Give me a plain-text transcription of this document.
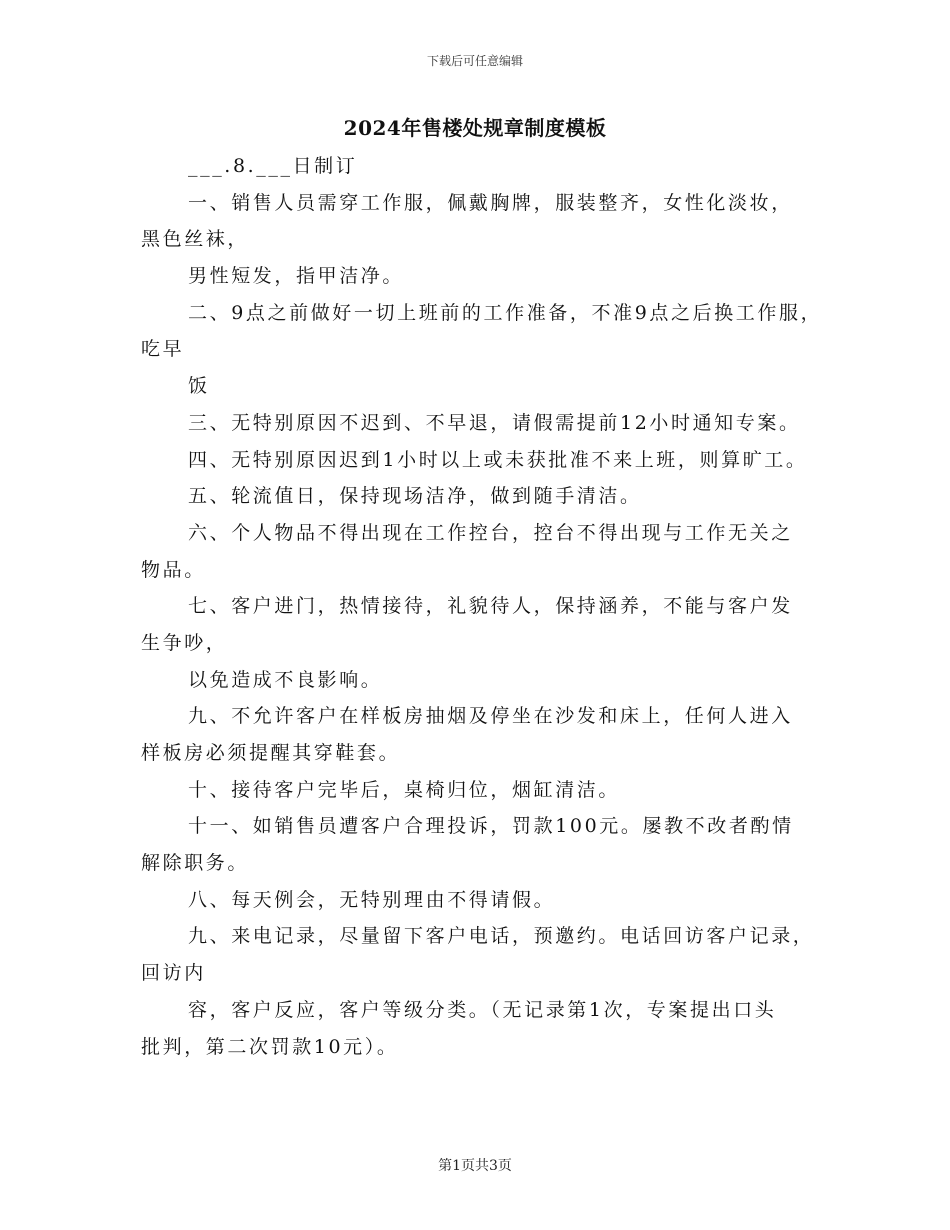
下载后可任意编辑
2024年售楼处规章制度模板
___.8.___日制订
一、销售人员需穿工作服，佩戴胸牌，服装整齐，女性化淡妆，
黑色丝袜，
男性短发，指甲洁净。
二、9点之前做好一切上班前的工作准备，不准9点之后换工作服，
吃早
饭
三、无特别原因不迟到、不早退，请假需提前12小时通知专案。
四、无特别原因迟到1小时以上或未获批准不来上班，则算旷工。
五、轮流值日，保持现场洁净，做到随手清洁。
六、个人物品不得出现在工作控台，控台不得出现与工作无关之
物品。
七、客户进门，热情接待，礼貌待人，保持涵养，不能与客户发
生争吵，
以免造成不良影响。
九、不允许客户在样板房抽烟及停坐在沙发和床上，任何人进入
样板房必须提醒其穿鞋套。
十、接待客户完毕后，桌椅归位，烟缸清洁。
十一、如销售员遭客户合理投诉，罚款100元。屡教不改者酌情
解除职务。
八、每天例会，无特别理由不得请假。
九、来电记录，尽量留下客户电话，预邀约。电话回访客户记录，
回访内
容，客户反应，客户等级分类。（无记录第1次，专案提出口头
批判，第二次罚款10元）。
第1页共3页
